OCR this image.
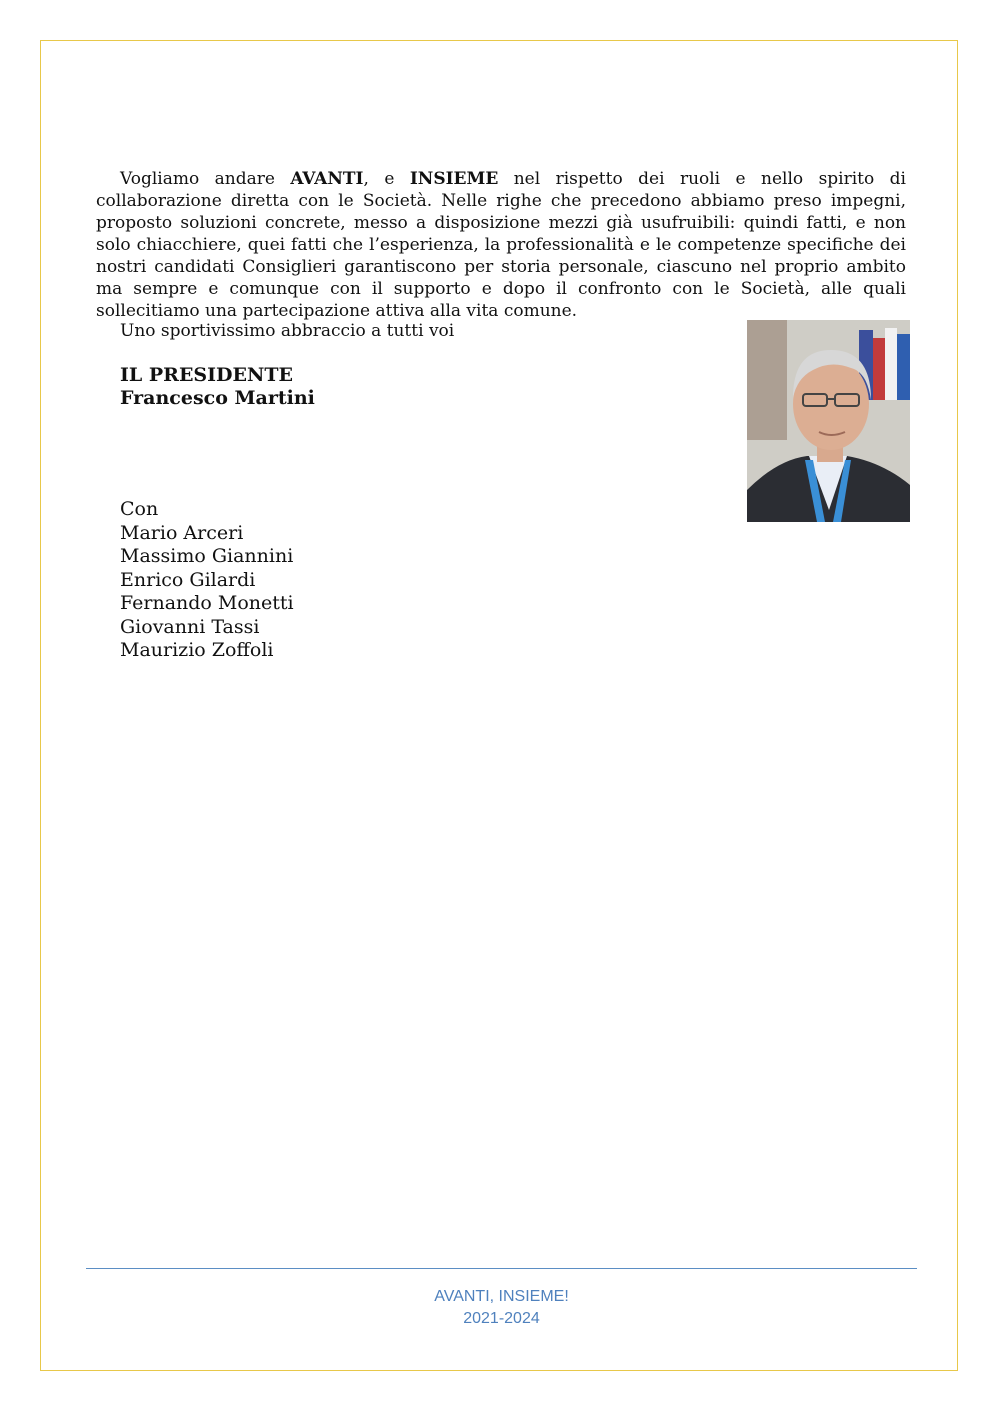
Vogliamo andare AVANTI, e INSIEME nel rispetto dei ruoli e nello spirito di collaborazione diretta con le Società. Nelle righe che precedono abbiamo preso impegni, proposto soluzioni concrete, messo a disposizione mezzi già usufruibili: quindi fatti, e non solo chiacchiere, quei fatti che l’esperienza, la professionalità e le competenze specifiche dei nostri candidati Consiglieri garantiscono per storia personale, ciascuno nel proprio ambito ma sempre e comunque con il supporto e dopo il confronto con le Società, alle quali sollecitiamo una partecipazione attiva alla vita comune.

Uno sportivissimo abbraccio a tutti voi

IL PRESIDENTE
Francesco Martini
Con
Mario Arceri
Massimo Giannini
Enrico Gilardi
Fernando Monetti
Giovanni Tassi
Maurizio Zoffoli
AVANTI, INSIEME!
2021-2024
